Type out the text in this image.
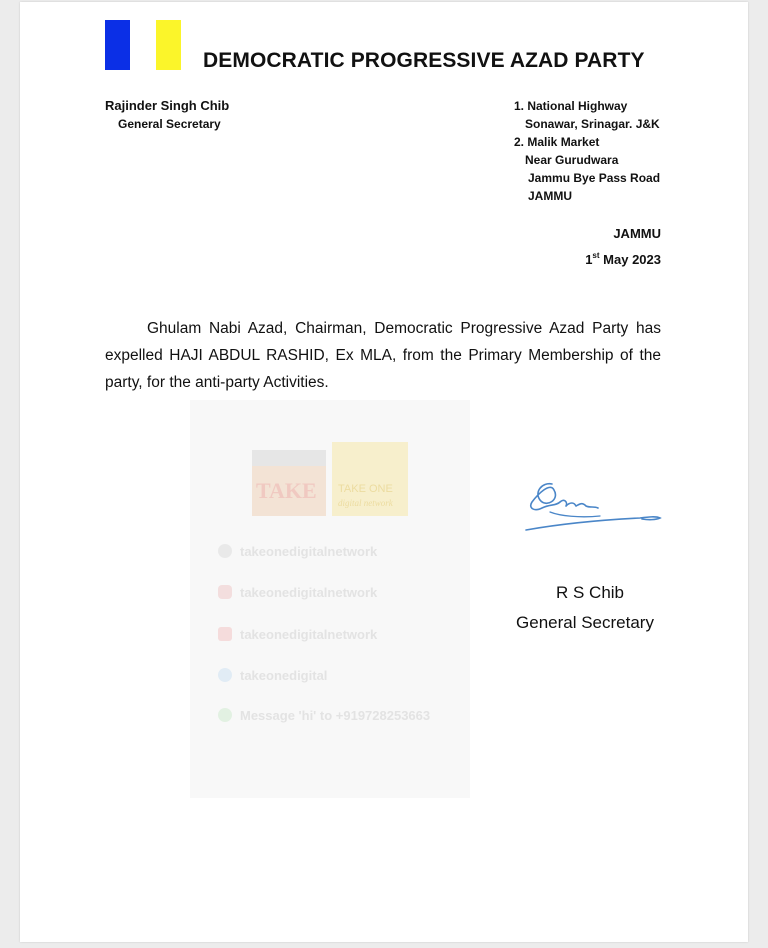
DEMOCRATIC PROGRESSIVE AZAD PARTY
Rajinder Singh Chib
General Secretary
1. National Highway
Sonawar, Srinagar. J&K
2. Malik Market
Near Gurudwara
Jammu Bye Pass Road
JAMMU
JAMMU
1st May 2023
Ghulam Nabi Azad, Chairman, Democratic Progressive Azad Party has expelled HAJI ABDUL RASHID, Ex MLA, from the Primary Membership of the party, for the anti-party Activities.
TAKE TAKE ONE
digital network
takeonedigitalnetwork
takeonedigitalnetwork
takeonedigitalnetwork
takeonedigital
Message 'hi' to +919728253663
R S Chib
General Secretary
